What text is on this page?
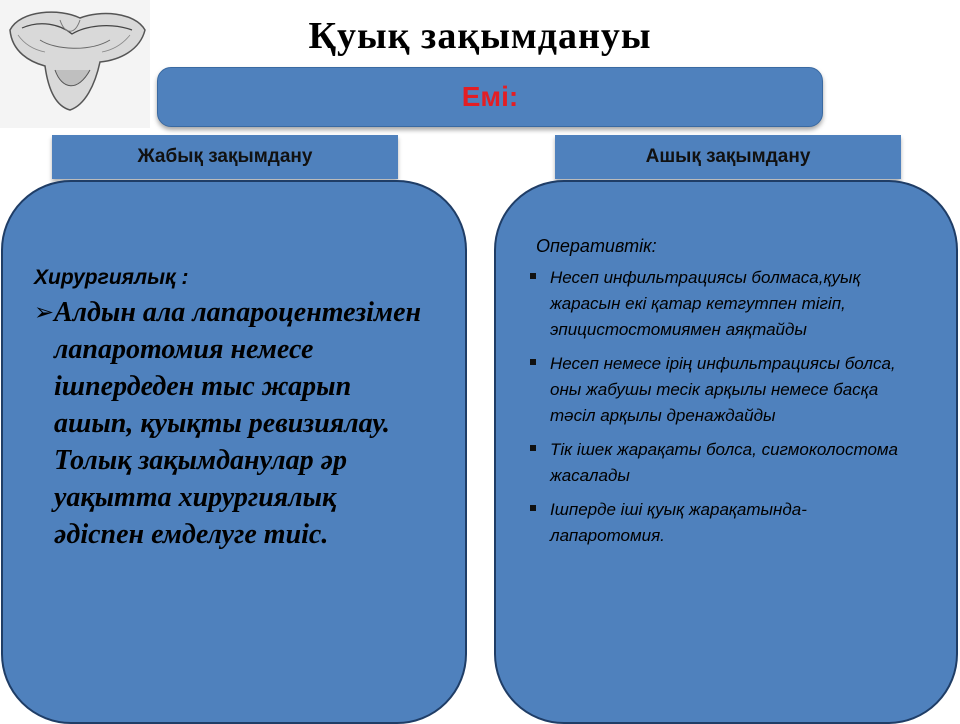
Қуық зақымдануы
Емі:
Жабық зақымдану	Ашық зақымдану
Хирургиялық :
➢ Алдын ала лапароцентезімен лапаротомия немесе ішпердеден тыс жарып ашып, қуықты ревизиялау. Толық зақымданулар әр уақытта хирургиялық әдіспен емделуге тиіс.
Оперативтік:
Несеп инфильтрациясы болмаса,қуық жарасын екі қатар кетгутпен тігіп, эпицистостомиямен аяқтайды
Несеп немесе ірің инфильтрациясы болса, оны жабушы тесік арқылы немесе басқа тәсіл арқылы дренаждайды
Тік ішек жарақаты болса, сигмоколостома жасалады
Ішперде іші қуық жарақатында-лапаротомия.
